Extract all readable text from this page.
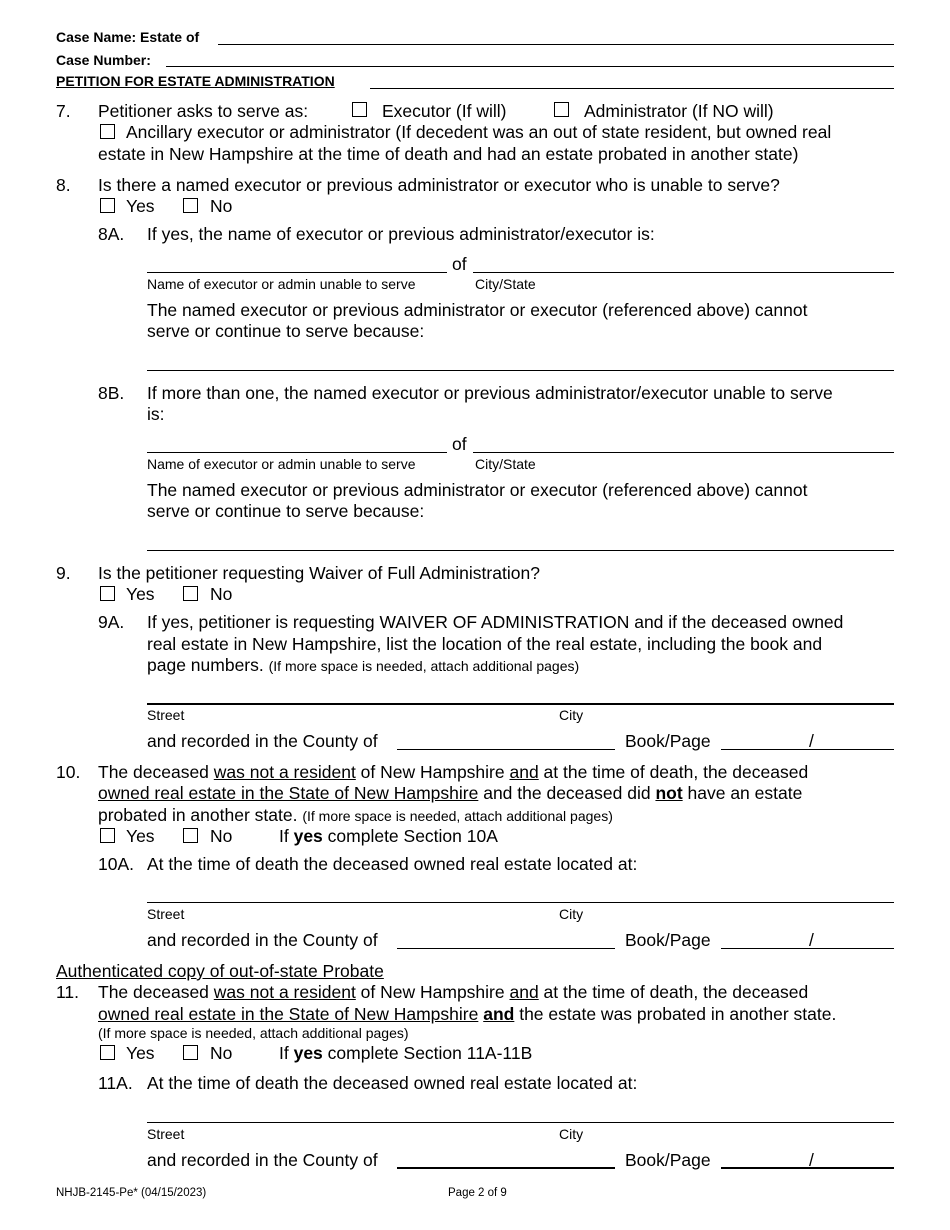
Case Name: Estate of
Case Number:
PETITION FOR ESTATE ADMINISTRATION
7. Petitioner asks to serve as:	Executor (If will)	Administrator (If NO will)
Ancillary executor or administrator (If decedent was an out of state resident, but owned real
estate in New Hampshire at the time of death and had an estate probated in another state)
8. Is there a named executor or previous administrator or executor who is unable to serve?
Yes	No
8A. If yes, the name of executor or previous administrator/executor is:
of
Name of executor or admin unable to serve	City/State
The named executor or previous administrator or executor (referenced above) cannot
serve or continue to serve because:
8B. If more than one, the named executor or previous administrator/executor unable to serve
is:
of
Name of executor or admin unable to serve	City/State
The named executor or previous administrator or executor (referenced above) cannot
serve or continue to serve because:
9. Is the petitioner requesting Waiver of Full Administration?
Yes	No
9A. If yes, petitioner is requesting WAIVER OF ADMINISTRATION and if the deceased owned
real estate in New Hampshire, list the location of the real estate, including the book and
page numbers. (If more space is needed, attach additional pages)
Street	City
and recorded in the County of	Book/Page	/
10. The deceased was not a resident of New Hampshire and at the time of death, the deceased
owned real estate in the State of New Hampshire and the deceased did not have an estate
probated in another state. (If more space is needed, attach additional pages)
Yes	No	If yes complete Section 10A
10A. At the time of death the deceased owned real estate located at:
Street	City
and recorded in the County of	Book/Page	/
Authenticated copy of out-of-state Probate
11. The deceased was not a resident of New Hampshire and at the time of death, the deceased
owned real estate in the State of New Hampshire and the estate was probated in another state.
(If more space is needed, attach additional pages)
Yes	No	If yes complete Section 11A-11B
11A. At the time of death the deceased owned real estate located at:
Street	City
and recorded in the County of	Book/Page	/
NHJB-2145-Pe* (04/15/2023)	Page 2 of 9
